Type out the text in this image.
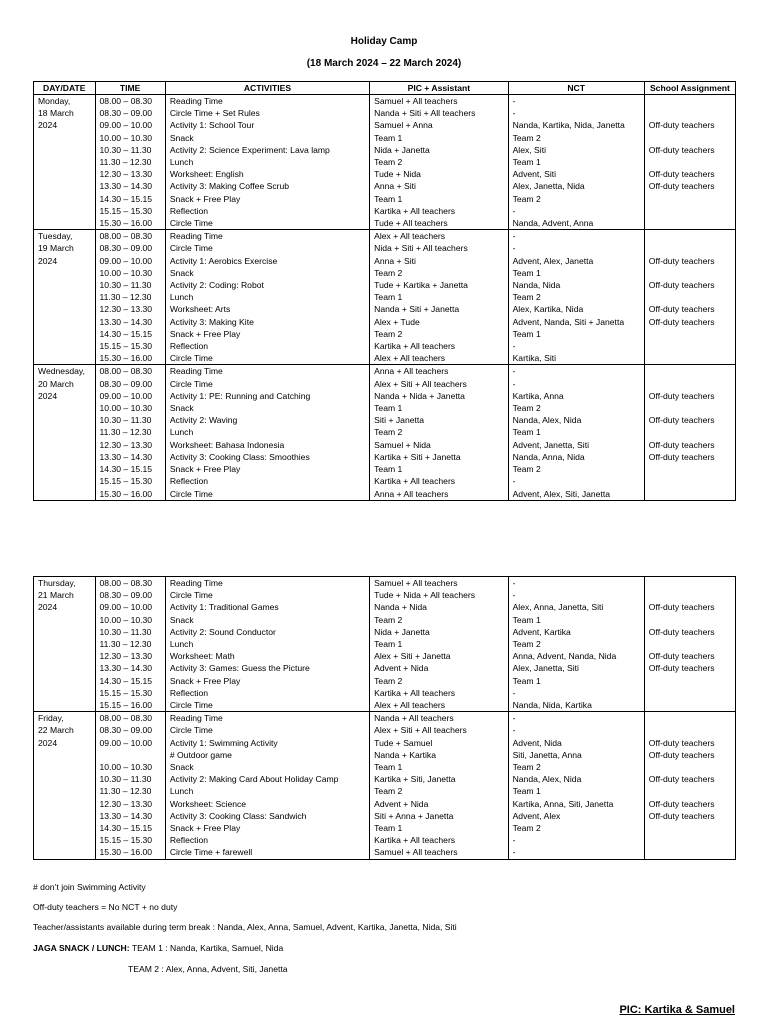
Holiday Camp
(18 March 2024 – 22 March 2024)
DAY/DATE	TIME	ACTIVITIES	PIC + Assistant	NCT	School Assignment

Monday,
18 March
2024	08.00 – 08.30	Reading Time	Samuel + All teachers	-	
	08.30 – 09.00	Circle Time + Set Rules	Nanda + Siti + All teachers	-	
	09.00 – 10.00	Activity 1: School Tour	Samuel + Anna	Nanda, Kartika, Nida, Janetta	Off-duty teachers
	10.00 – 10.30	Snack	Team 1	Team 2	
	10.30 – 11.30	Activity 2: Science Experiment: Lava lamp	Nida + Janetta	Alex, Siti	Off-duty teachers
	11.30 – 12.30	Lunch	Team 2	Team 1	
	12.30 – 13.30	Worksheet: English	Tude + Nida	Advent, Siti	Off-duty teachers
	13.30 – 14.30	Activity 3: Making Coffee Scrub	Anna + Siti	Alex, Janetta, Nida	Off-duty teachers
	14.30 – 15.15	Snack + Free Play	Team 1	Team 2	
	15.15 – 15.30	Reflection	Kartika + All teachers	-	
	15.30 – 16.00	Circle Time	Tude + All teachers	Nanda, Advent, Anna	

Tuesday,
19 March
2024	08.00 – 08.30	Reading Time	Alex + All teachers	-	
	08.30 – 09.00	Circle Time	Nida + Siti + All teachers	-	
	09.00 – 10.00	Activity 1: Aerobics Exercise	Anna + Siti	Advent, Alex, Janetta	Off-duty teachers
	10.00 – 10.30	Snack	Team 2	Team 1	
	10.30 – 11.30	Activity 2: Coding: Robot	Tude + Kartika + Janetta	Nanda, Nida	Off-duty teachers
	11.30 – 12.30	Lunch	Team 1	Team 2	
	12.30 – 13.30	Worksheet: Arts	Nanda + Siti + Janetta	Alex, Kartika, Nida	Off-duty teachers
	13.30 – 14.30	Activity 3: Making Kite	Alex + Tude	Advent, Nanda, Siti + Janetta	Off-duty teachers
	14.30 – 15.15	Snack + Free Play	Team 2	Team 1	
	15.15 – 15.30	Reflection	Kartika + All teachers	-	
	15.30 – 16.00	Circle Time	Alex + All teachers	Kartika, Siti	

Wednesday,
20 March
2024	08.00 – 08.30	Reading Time	Anna + All teachers	-	
	08.30 – 09.00	Circle Time	Alex + Siti + All teachers	-	
	09.00 – 10.00	Activity 1: PE: Running and Catching	Nanda + Nida + Janetta	Kartika, Anna	Off-duty teachers
	10.00 – 10.30	Snack	Team 1	Team 2	
	10.30 – 11.30	Activity 2: Waving	Siti + Janetta	Nanda, Alex, Nida	Off-duty teachers
	11.30 – 12.30	Lunch	Team 2	Team 1	
	12.30 – 13.30	Worksheet: Bahasa Indonesia	Samuel + Nida	Advent, Janetta, Siti	Off-duty teachers
	13.30 – 14.30	Activity 3: Cooking Class: Smoothies	Kartika + Siti + Janetta	Nanda, Anna, Nida	Off-duty teachers
	14.30 – 15.15	Snack + Free Play	Team 1	Team 2	
	15.15 – 15.30	Reflection	Kartika + All teachers	-	
	15.30 – 16.00	Circle Time	Anna + All teachers	Advent, Alex, Siti, Janetta	
Thursday,
21 March
2024	08.00 – 08.30	Reading Time	Samuel + All teachers	-	
	08.30 – 09.00	Circle Time	Tude + Nida + All teachers	-	
	09.00 – 10.00	Activity 1: Traditional Games	Nanda + Nida	Alex, Anna, Janetta, Siti	Off-duty teachers
	10.00 – 10.30	Snack	Team 2	Team 1	
	10.30 – 11.30	Activity 2: Sound Conductor	Nida + Janetta	Advent, Kartika	Off-duty teachers
	11.30 – 12.30	Lunch	Team 1	Team 2	
	12.30 – 13.30	Worksheet: Math	Alex + Siti + Janetta	Anna, Advent, Nanda, Nida	Off-duty teachers
	13.30 – 14.30	Activity 3: Games: Guess the Picture	Advent + Nida	Alex, Janetta, Siti	Off-duty teachers
	14.30 – 15.15	Snack + Free Play	Team 2	Team 1	
	15.15 – 15.30	Reflection	Kartika + All teachers	-	
	15.15 – 16.00	Circle Time	Alex + All teachers	Nanda, Nida, Kartika	

Friday,
22 March
2024	08.00 – 08.30	Reading Time	Nanda + All teachers	-	
	08.30 – 09.00	Circle Time	Alex + Siti + All teachers	-	
	09.00 – 10.00	Activity 1: Swimming Activity	Tude + Samuel	Advent, Nida	Off-duty teachers
		# Outdoor game	Nanda + Kartika	Siti, Janetta, Anna	Off-duty teachers
	10.00 – 10.30	Snack	Team 1	Team 2	
	10.30 – 11.30	Activity 2: Making Card About Holiday Camp	Kartika + Siti, Janetta	Nanda, Alex, Nida	Off-duty teachers
	11.30 – 12.30	Lunch	Team 2	Team 1	
	12.30 – 13.30	Worksheet: Science	Advent + Nida	Kartika, Anna, Siti, Janetta	Off-duty teachers
	13.30 – 14.30	Activity 3: Cooking Class: Sandwich	Siti + Anna + Janetta	Advent, Alex	Off-duty teachers
	14.30 – 15.15	Snack + Free Play	Team 1	Team 2	
	15.15 – 15.30	Reflection	Kartika + All teachers	-	
	15.30 – 16.00	Circle Time + farewell	Samuel + All teachers	-	
# don’t join Swimming Activity
Off-duty teachers = No NCT + no duty
Teacher/assistants available during term break : Nanda, Alex, Anna, Samuel, Advent, Kartika, Janetta, Nida, Siti
JAGA SNACK / LUNCH: TEAM 1 : Nanda, Kartika, Samuel, Nida
TEAM 2 : Alex, Anna, Advent, Siti, Janetta
PIC: Kartika & Samuel
